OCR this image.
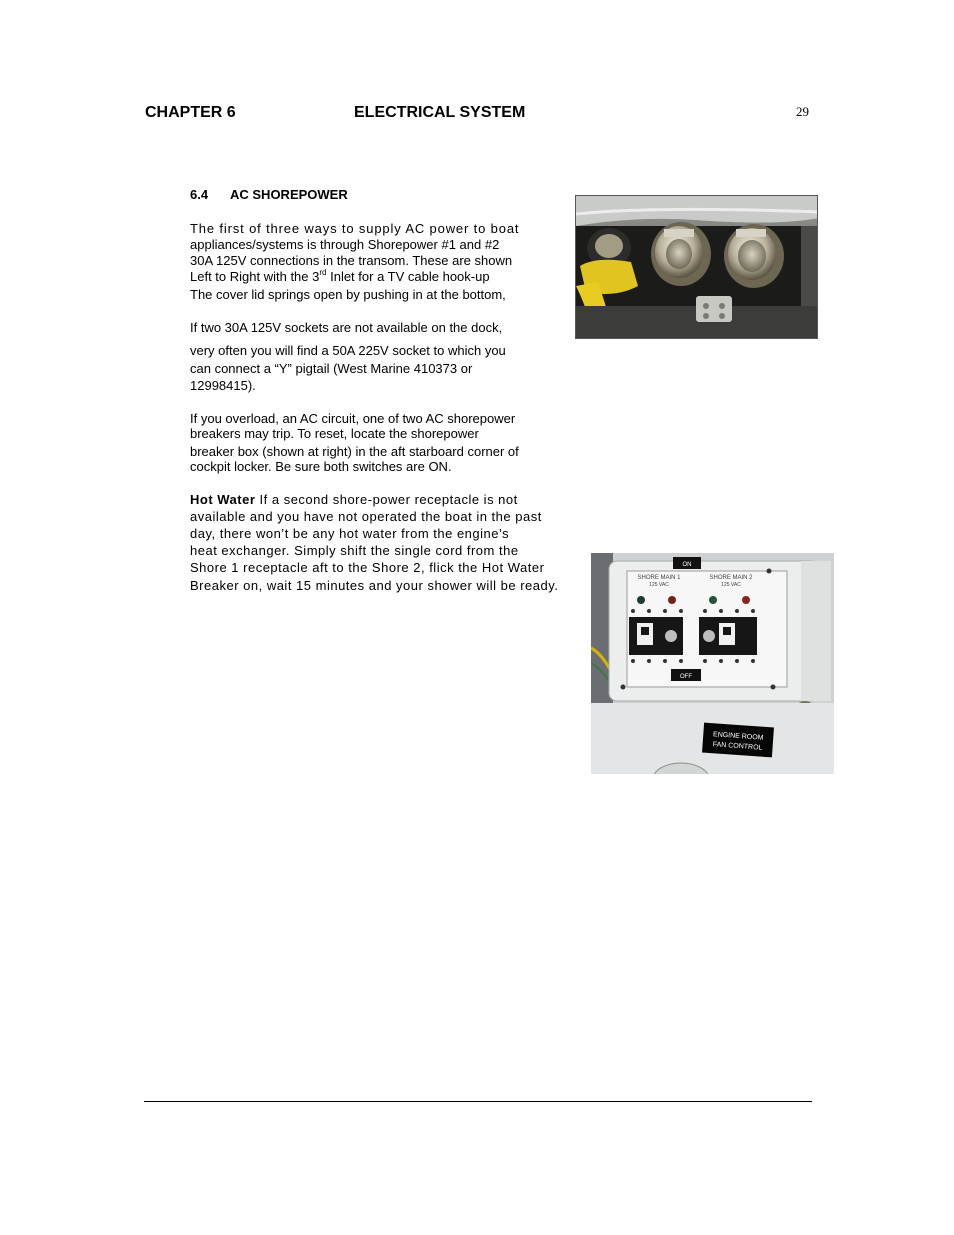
CHAPTER 6	ELECTRICAL SYSTEM	29
6.4 AC SHOREPOWER
The first of three ways to supply AC power to boat
appliances/systems is through Shorepower #1 and #2
30A 125V connections in the transom. These are shown
Left to Right with the 3rd Inlet for a TV cable hook-up
The cover lid springs open by pushing in at the bottom,
If two 30A 125V sockets are not available on the dock,
very often you will find a 50A 225V socket to which you
can connect a “Y” pigtail (West Marine 410373 or
12998415).
If you overload, an AC circuit, one of two AC shorepower
breakers may trip. To reset, locate the shorepower
breaker box (shown at right) in the aft starboard corner of
cockpit locker. Be sure both switches are ON.
Hot Water If a second shore-power receptacle is not
available and you have not operated the boat in the past
day, there won’t be any hot water from the engine’s
heat exchanger. Simply shift the single cord from the
Shore 1 receptacle aft to the Shore 2, flick the Hot Water
Breaker on, wait 15 minutes and your shower will be ready.
ON
SHORE MAIN 1
125 VAC
SHORE MAIN 2
125 VAC
OFF
ENGINE ROOM
FAN CONTROL
